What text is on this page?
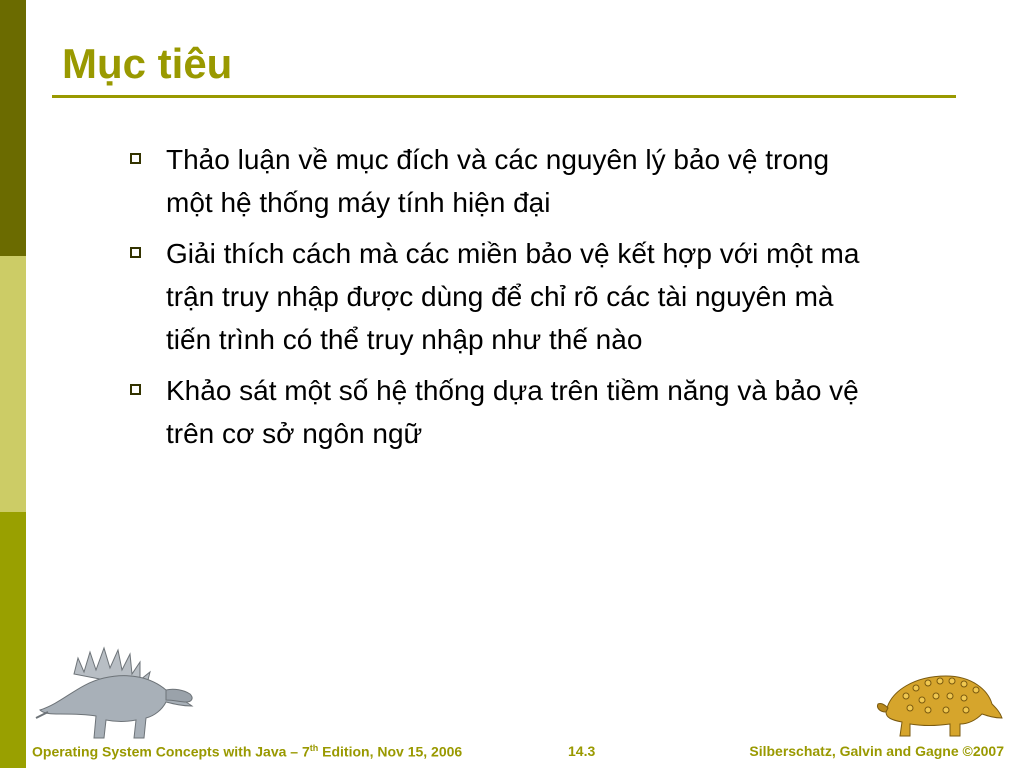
Mục tiêu
Thảo luận về mục đích và các nguyên lý bảo vệ trong một hệ thống máy tính hiện đại
Giải thích cách mà các miền bảo vệ kết hợp với một ma trận truy nhập được dùng để chỉ rõ các tài nguyên mà tiến trình có thể truy nhập như thế nào
Khảo sát một số hệ thống dựa trên tiềm năng và bảo vệ trên cơ sở ngôn ngữ
Operating System Concepts with Java – 7th Edition, Nov 15, 2006	14.3	Silberschatz, Galvin and Gagne ©2007
